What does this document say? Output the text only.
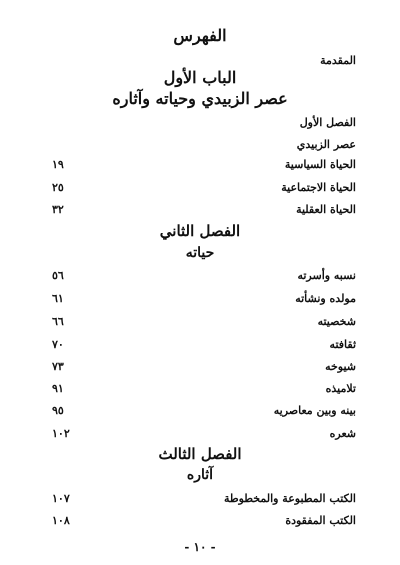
الفهرس
المقدمة
الباب الأول
عصر الزبيدي وحياته وآثاره
الفصل الأول
عصر الزبيدي
الحياة السياسية
١٩
الحياة الاجتماعية
٢٥
الحياة العقلية
٣٢
الفصل الثاني
حياته
نسبه وأسرته
٥٦
مولده ونشأته
٦١
شخصيته
٦٦
ثقافته
٧٠
شيوخه
٧٣
تلاميذه
٩١
بينه وبين معاصريه
٩٥
شعره
١٠٢
الفصل الثالث
آثاره
الكتب المطبوعة والمخطوطة
١٠٧
الكتب المفقودة
١٠٨
- ١٠ -
